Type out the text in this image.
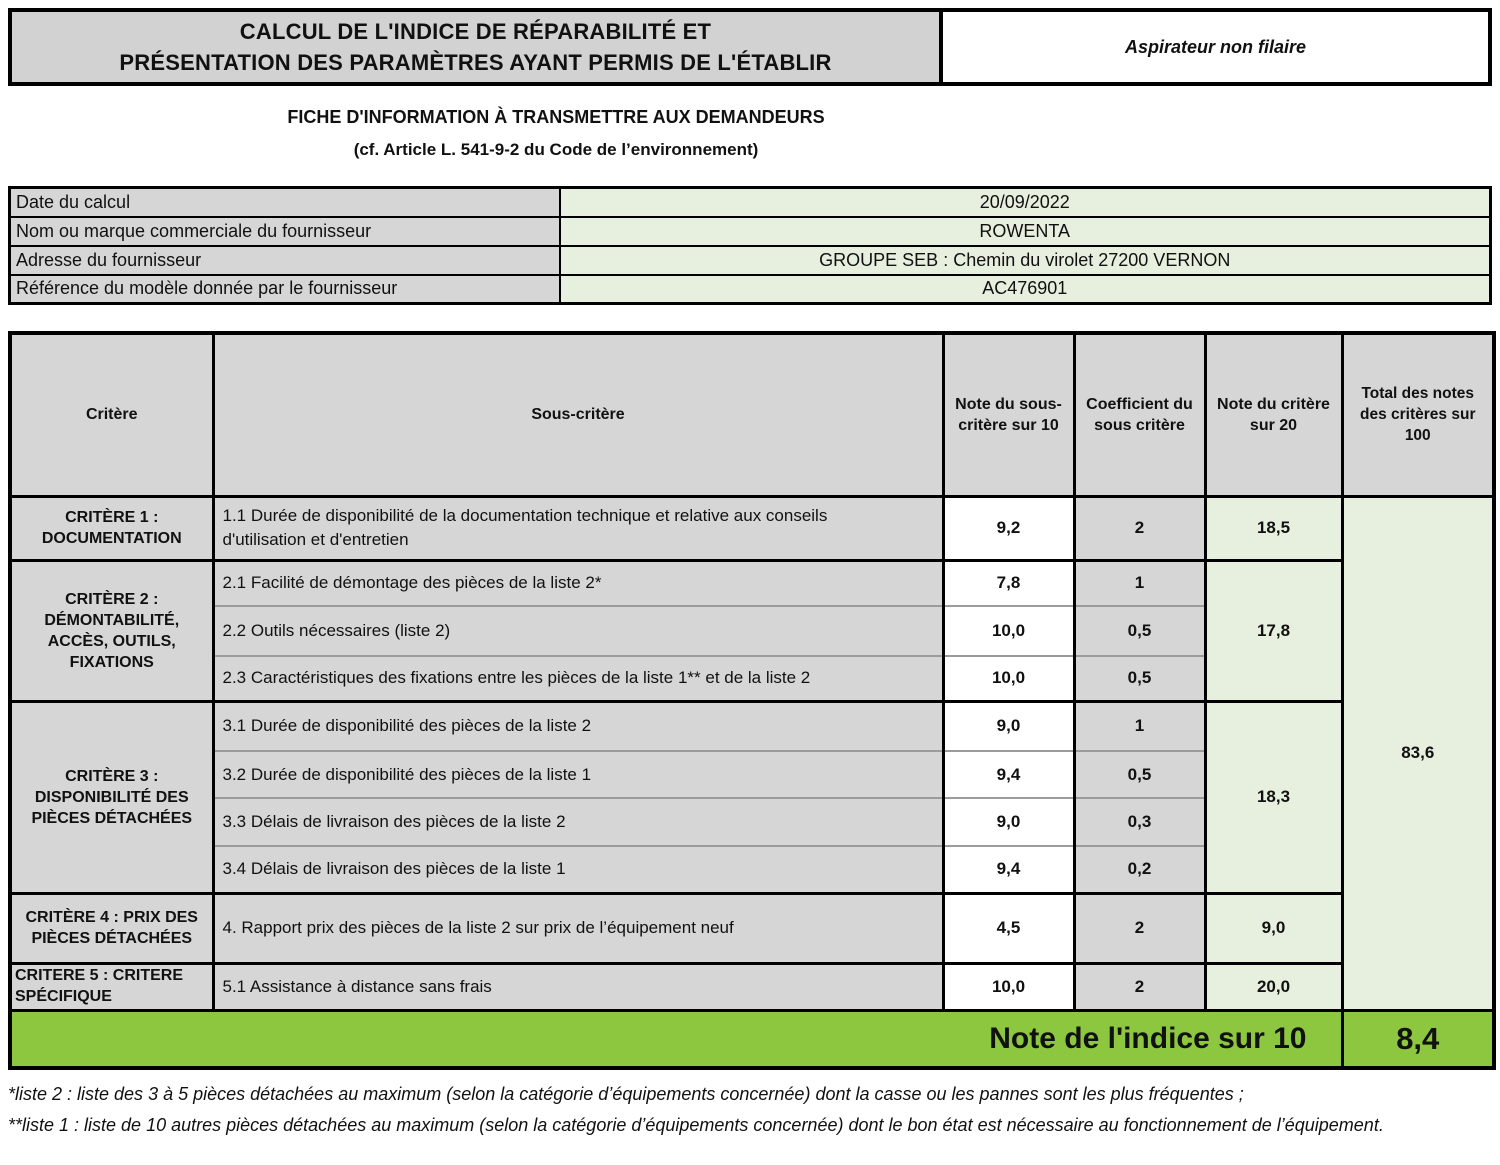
CALCUL DE L'INDICE DE RÉPARABILITÉ ET
PRÉSENTATION DES PARAMÈTRES AYANT PERMIS DE L'ÉTABLIR
Aspirateur non filaire
FICHE D'INFORMATION À TRANSMETTRE AUX DEMANDEURS
(cf. Article L. 541-9-2 du Code de l’environnement)
Date du calcul	20/09/2022
Nom ou marque commerciale du fournisseur	ROWENTA
Adresse du fournisseur	GROUPE SEB : Chemin du virolet 27200 VERNON
Référence du modèle donnée par le fournisseur	AC476901
Critère	Sous-critère	Note du sous-critère sur 10	Coefficient du sous critère	Note du critère sur 20	Total des notes des critères sur 100
CRITÈRE 1 : DOCUMENTATION	1.1 Durée de disponibilité de la documentation technique et relative aux conseils d'utilisation et d'entretien	9,2	2	18,5	83,6
CRITÈRE 2 : DÉMONTABILITÉ, ACCÈS, OUTILS, FIXATIONS	2.1 Facilité de démontage des pièces de la liste 2*	7,8	1	17,8	
	2.2 Outils nécessaires (liste 2)	10,0	0,5		
	2.3 Caractéristiques des fixations entre les pièces de la liste 1** et de la liste 2	10,0	0,5		
CRITÈRE 3 : DISPONIBILITÉ DES PIÈCES DÉTACHÉES	3.1 Durée de disponibilité des pièces de la liste 2	9,0	1	18,3	
	3.2 Durée de disponibilité des pièces de la liste 1	9,4	0,5		
	3.3 Délais de livraison des pièces de la liste 2	9,0	0,3		
	3.4 Délais de livraison des pièces de la liste 1	9,4	0,2		
CRITÈRE 4 : PRIX DES PIÈCES DÉTACHÉES	4. Rapport prix des pièces de la liste 2 sur prix de l’équipement neuf	4,5	2	9,0	

CRITERE 5 : CRITERE SPÉCIFIQUE	5.1 Assistance à distance sans frais	10,0	2	20,0	
Note de l'indice sur 10					8,4

*liste 2 : liste des 3 à 5 pièces détachées au maximum (selon la catégorie d’équipements concernée) dont la casse ou les pannes sont les plus fréquentes ;

**liste 1 : liste de 10 autres pièces détachées au maximum (selon la catégorie d’équipements concernée) dont le bon état est nécessaire au fonctionnement de l’équipement.
